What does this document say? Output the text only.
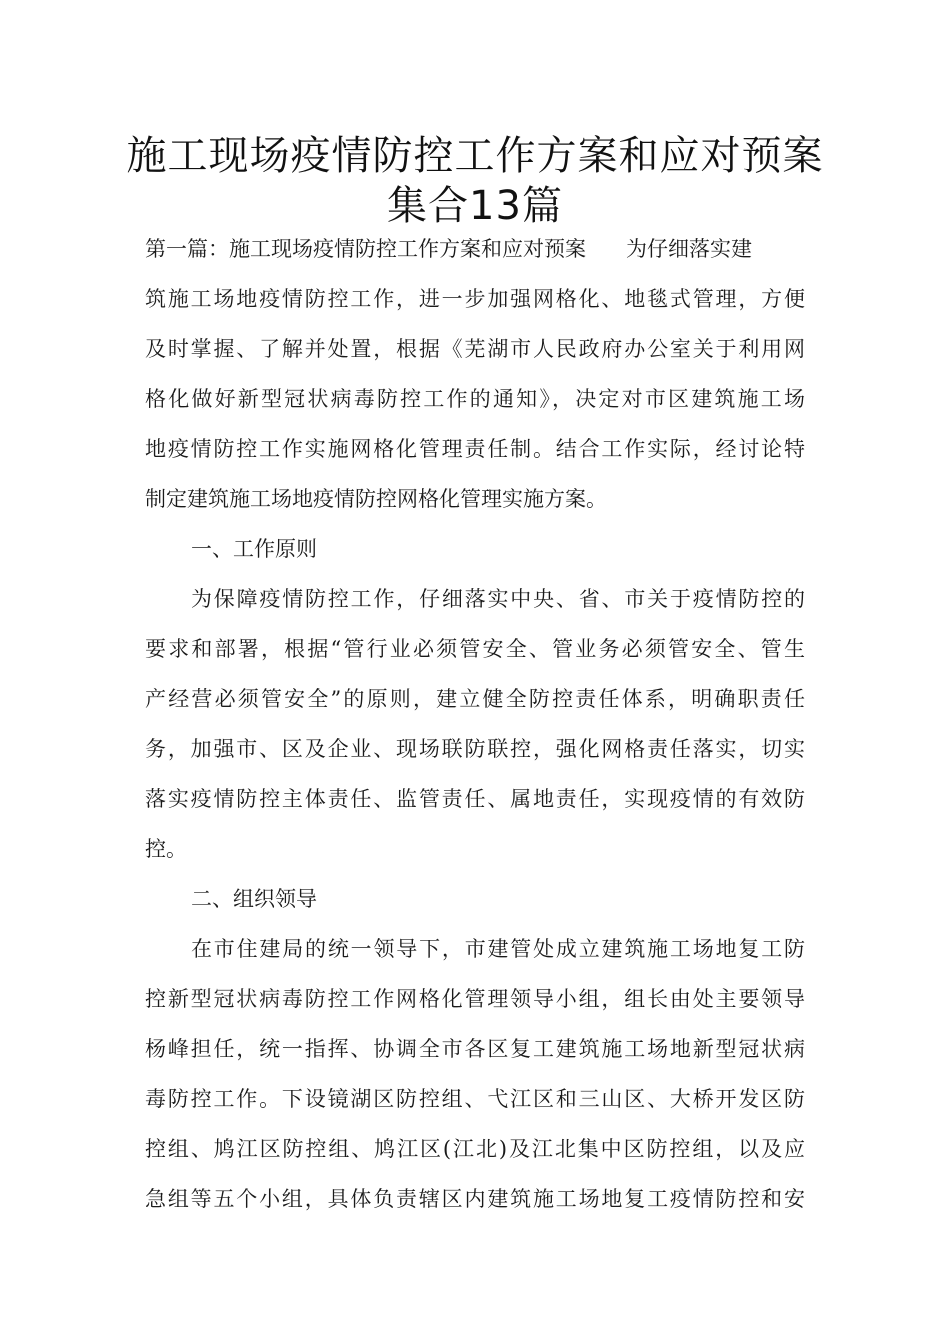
施工现场疫情防控工作方案和应对预案
集合13篇
第一篇：施工现场疫情防控工作方案和应对预案 为仔细落实建
筑施工场地疫情防控工作，进一步加强网格化、地毯式管理，方便
及时掌握、了解并处置，根据《芜湖市人民政府办公室关于利用网
格化做好新型冠状病毒防控工作的通知》，决定对市区建筑施工场
地疫情防控工作实施网格化管理责任制。结合工作实际，经讨论特
制定建筑施工场地疫情防控网格化管理实施方案。
一、工作原则
为保障疫情防控工作，仔细落实中央、省、市关于疫情防控的
要求和部署，根据“管行业必须管安全、管业务必须管安全、管生
产经营必须管安全”的原则，建立健全防控责任体系，明确职责任
务，加强市、区及企业、现场联防联控，强化网格责任落实，切实
落实疫情防控主体责任、监管责任、属地责任，实现疫情的有效防
控。
二、组织领导
在市住建局的统一领导下，市建管处成立建筑施工场地复工防
控新型冠状病毒防控工作网格化管理领导小组，组长由处主要领导
杨峰担任，统一指挥、协调全市各区复工建筑施工场地新型冠状病
毒防控工作。下设镜湖区防控组、弋江区和三山区、大桥开发区防
控组、鸠江区防控组、鸠江区(江北)及江北集中区防控组，以及应
急组等五个小组，具体负责辖区内建筑施工场地复工疫情防控和安
